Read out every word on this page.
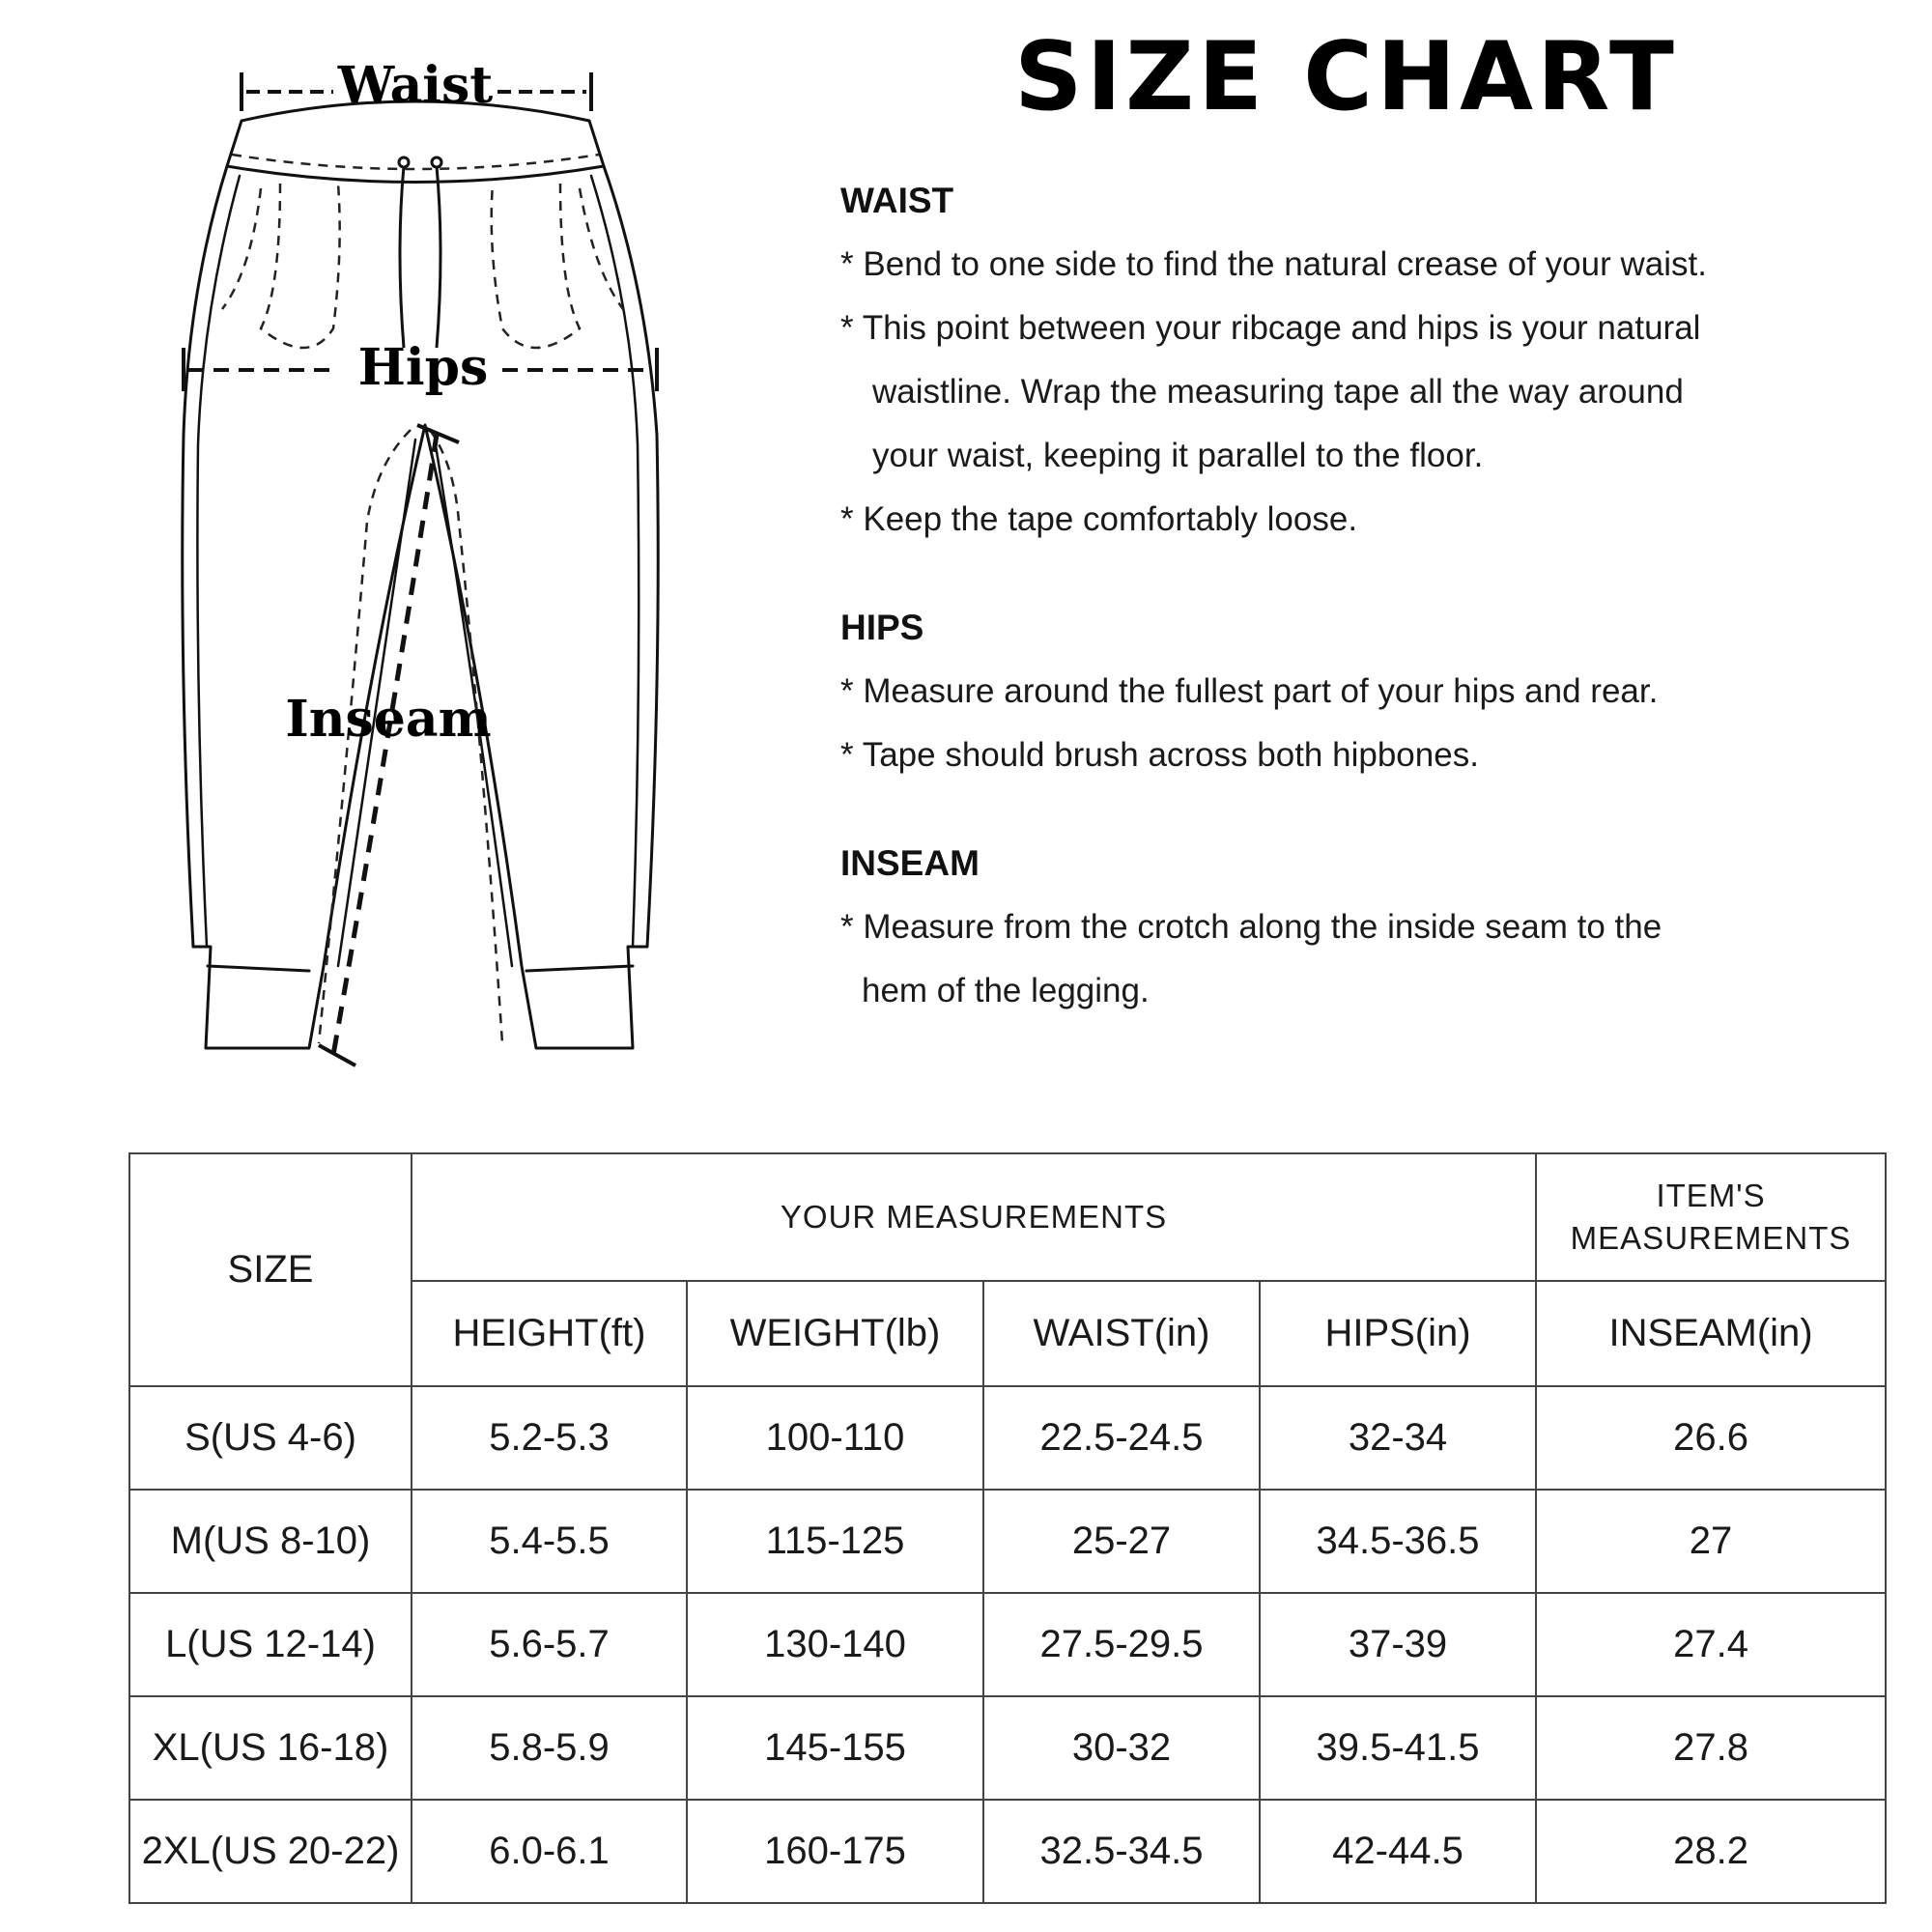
Waist
Hips
Inseam
SIZE CHART
WAIST
* Bend to one side to find the natural crease of your waist.
* This point between your ribcage and hips is your natural
waistline. Wrap the measuring tape all the way around
your waist, keeping it parallel to the floor.
* Keep the tape comfortably loose.
HIPS
* Measure around the fullest part of your hips and rear.
* Tape should brush across both hipbones.
INSEAM
* Measure from the crotch along the inside seam to the
hem of the legging.
SIZE	YOUR MEASUREMENTS				ITEM'S
MEASUREMENTS

	HEIGHT(ft)	WEIGHT(lb)	WAIST(in)	HIPS(in)	INSEAM(in)
S(US 4-6)	5.2-5.3	100-110	22.5-24.5	32-34	26.6
M(US 8-10)	5.4-5.5	115-125	25-27	34.5-36.5	27
L(US 12-14)	5.6-5.7	130-140	27.5-29.5	37-39	27.4
XL(US 16-18)	5.8-5.9	145-155	30-32	39.5-41.5	27.8
2XL(US 20-22)	6.0-6.1	160-175	32.5-34.5	42-44.5	28.2
